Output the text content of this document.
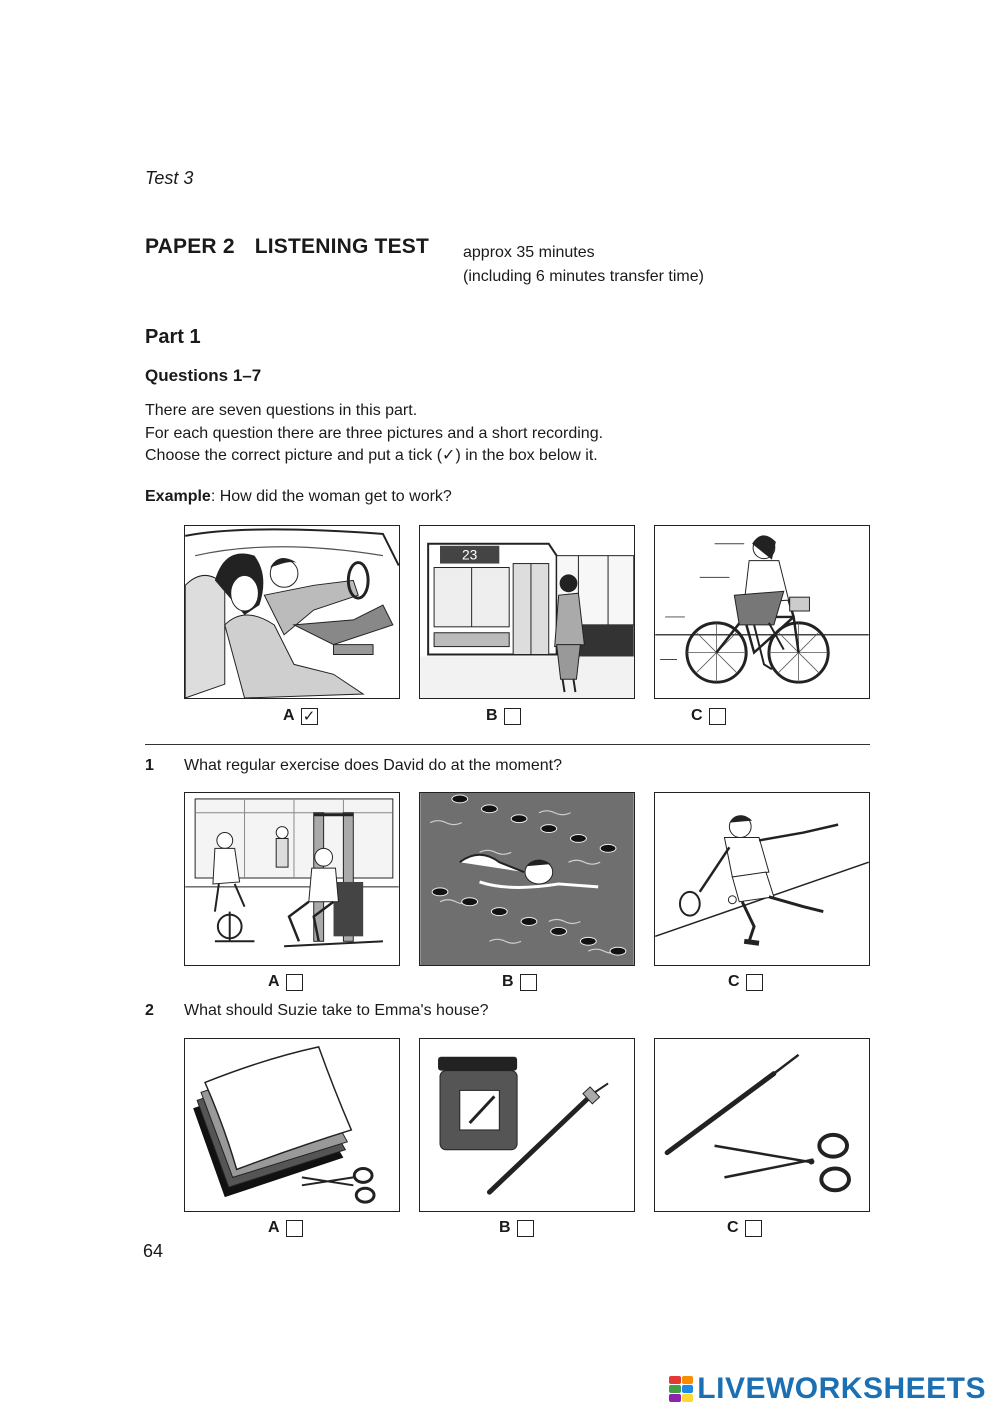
Test 3
PAPER 2 LISTENING TEST approx 35 minutes
(including 6 minutes transfer time)
Part 1
Questions 1–7
There are seven questions in this part.
For each question there are three pictures and a short recording.
Choose the correct picture and put a tick (✓) in the box below it.
Example: How did the woman get to work?
23
A ✓	B	C
1 What regular exercise does David do at the moment?
A	B	C
2 What should Suzie take to Emma's house?
A	B	C
64
LIVEWORKSHEETS
